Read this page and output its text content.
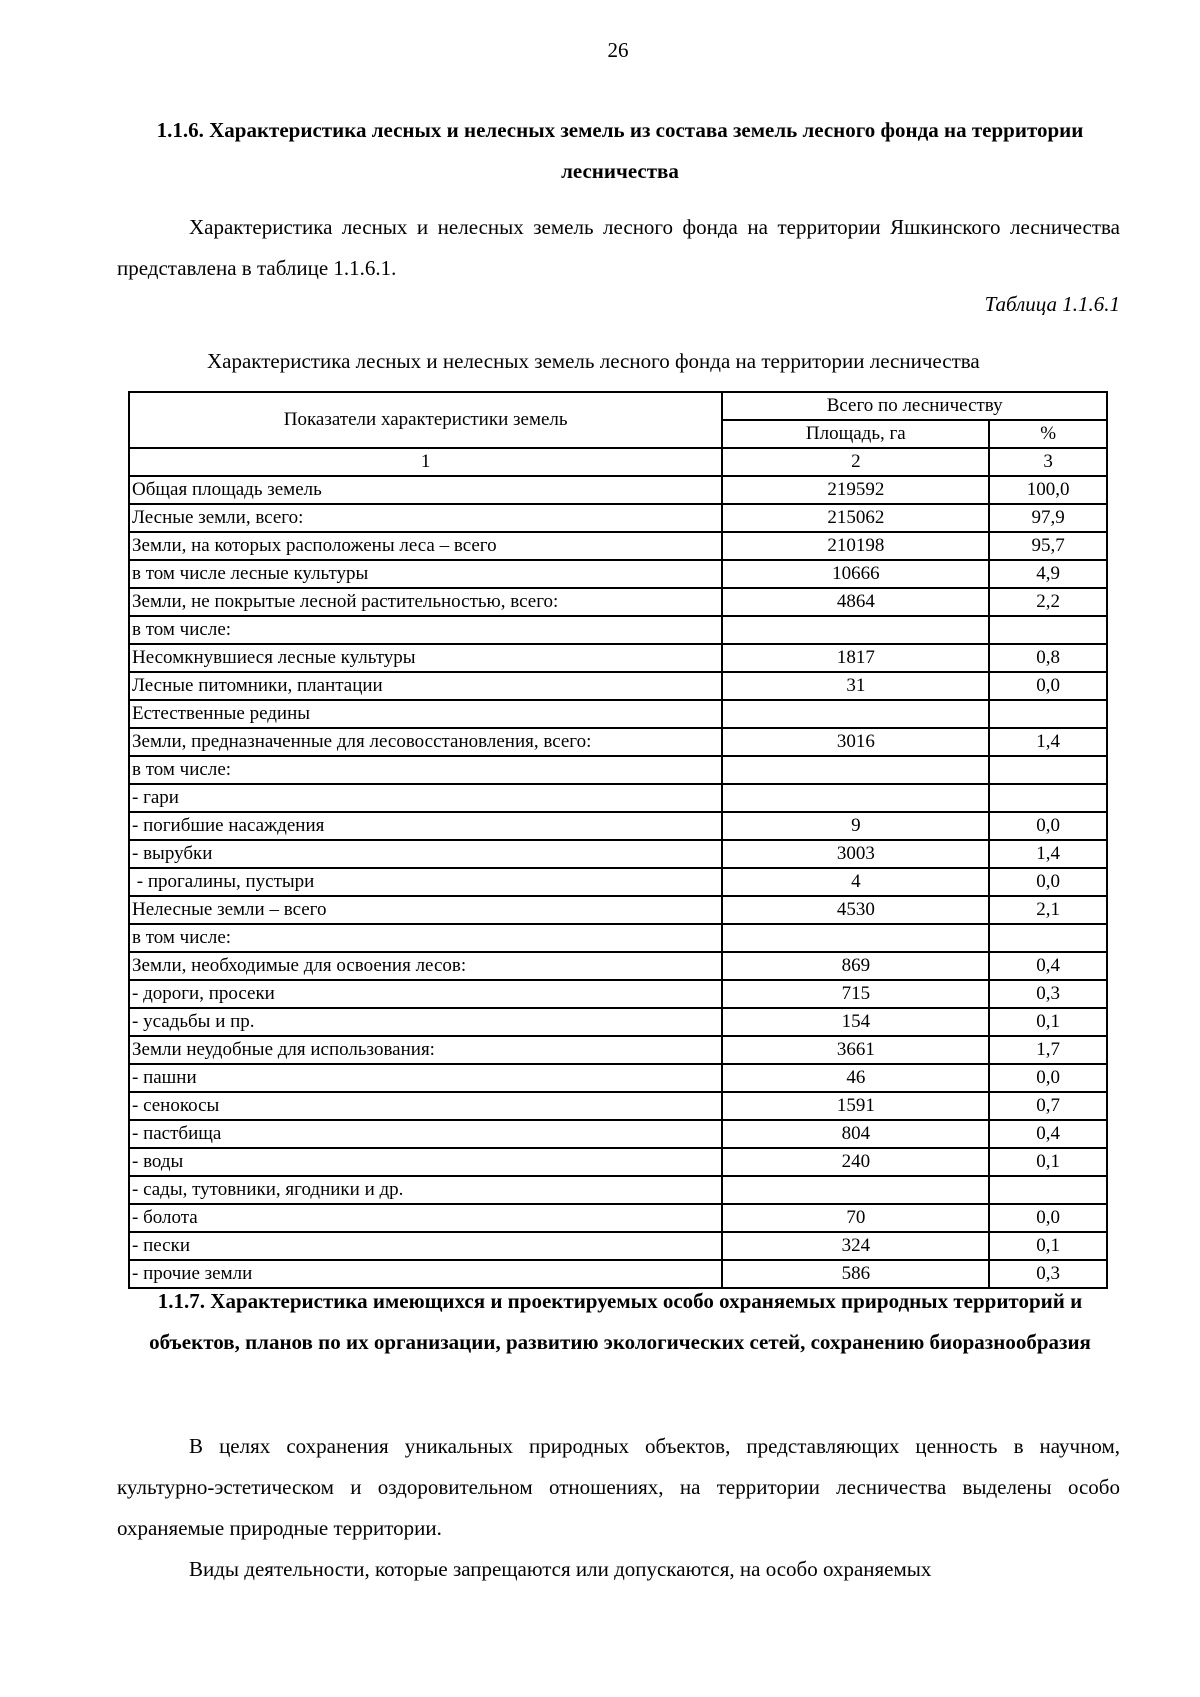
26

1.1.6. Характеристика лесных и нелесных земель из состава земель лесного фонда на территории лесничества

Характеристика лесных и нелесных земель лесного фонда на территории Яшкинского лесничества представлена в таблице 1.1.6.1.

Таблица 1.1.6.1
Характеристика лесных и нелесных земель лесного фонда на территории лесничества
Показатели характеристики земель	Всего по лесничеству	
	Площадь, га	%
1	2	3
Общая площадь земель	219592	100,0
Лесные земли, всего:	215062	97,9
Земли, на которых расположены леса – всего	210198	95,7
в том числе лесные культуры	10666	4,9
Земли, не покрытые лесной растительностью, всего:	4864	2,2
в том числе:		
Несомкнувшиеся лесные культуры	1817	0,8
Лесные питомники, плантации	31	0,0
Естественные редины		
Земли, предназначенные для лесовосстановления, всего:	3016	1,4
в том числе:		
- гари		
- погибшие насаждения	9	0,0
- вырубки	3003	1,4
- прогалины, пустыри	4	0,0
Нелесные земли – всего	4530	2,1
в том числе:		
Земли, необходимые для освоения лесов:	869	0,4
- дороги, просеки	715	0,3
- усадьбы и пр.	154	0,1
Земли неудобные для использования:	3661	1,7
- пашни	46	0,0
- сенокосы	1591	0,7
- пастбища	804	0,4
- воды	240	0,1
- сады, тутовники, ягодники и др.		
- болота	70	0,0
- пески	324	0,1
- прочие земли	586	0,3

1.1.7. Характеристика имеющихся и проектируемых особо охраняемых природных территорий и объектов, планов по их организации, развитию экологических сетей, сохранению биоразнообразия

В целях сохранения уникальных природных объектов, представляющих ценность в научном, культурно-эстетическом и оздоровительном отношениях, на территории лесничества выделены особо охраняемые природные территории.

Виды деятельности, которые запрещаются или допускаются, на особо охраняемых
